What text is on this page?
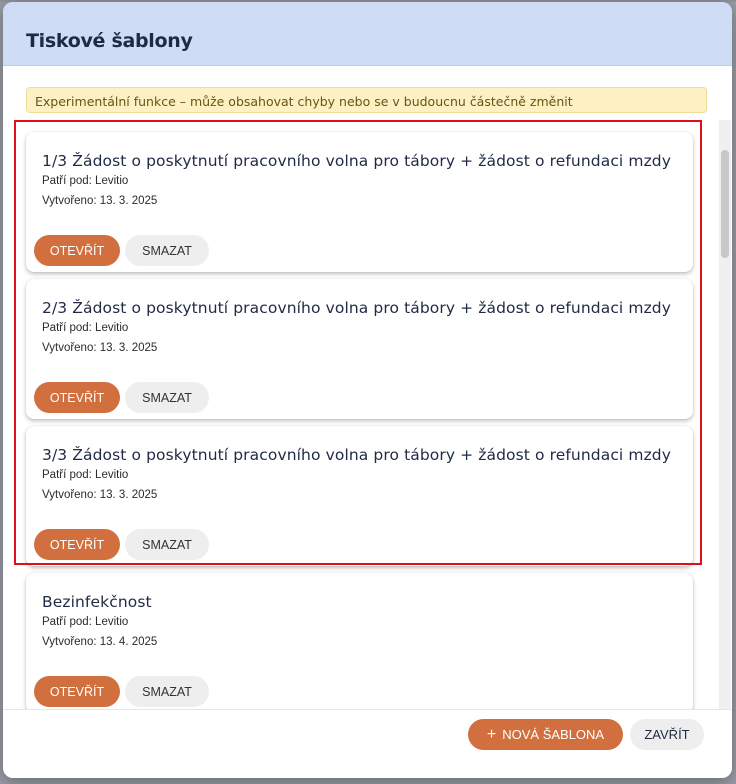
Tiskové šablony
Experimentální funkce – může obsahovat chyby nebo se v budoucnu částečně změnit
1/3 Žádost o poskytnutí pracovního volna pro tábory + žádost o refundaci mzdy
Patří pod: Levitio
Vytvořeno: 13. 3. 2025
OTEVŘÍT	SMAZAT
2/3 Žádost o poskytnutí pracovního volna pro tábory + žádost o refundaci mzdy
Patří pod: Levitio
Vytvořeno: 13. 3. 2025
OTEVŘÍT	SMAZAT
3/3 Žádost o poskytnutí pracovního volna pro tábory + žádost o refundaci mzdy
Patří pod: Levitio
Vytvořeno: 13. 3. 2025
OTEVŘÍT	SMAZAT
Bezinfekčnost
Patří pod: Levitio
Vytvořeno: 13. 4. 2025
OTEVŘÍT	SMAZAT
+ NOVÁ ŠABLONA	ZAVŘÍT
